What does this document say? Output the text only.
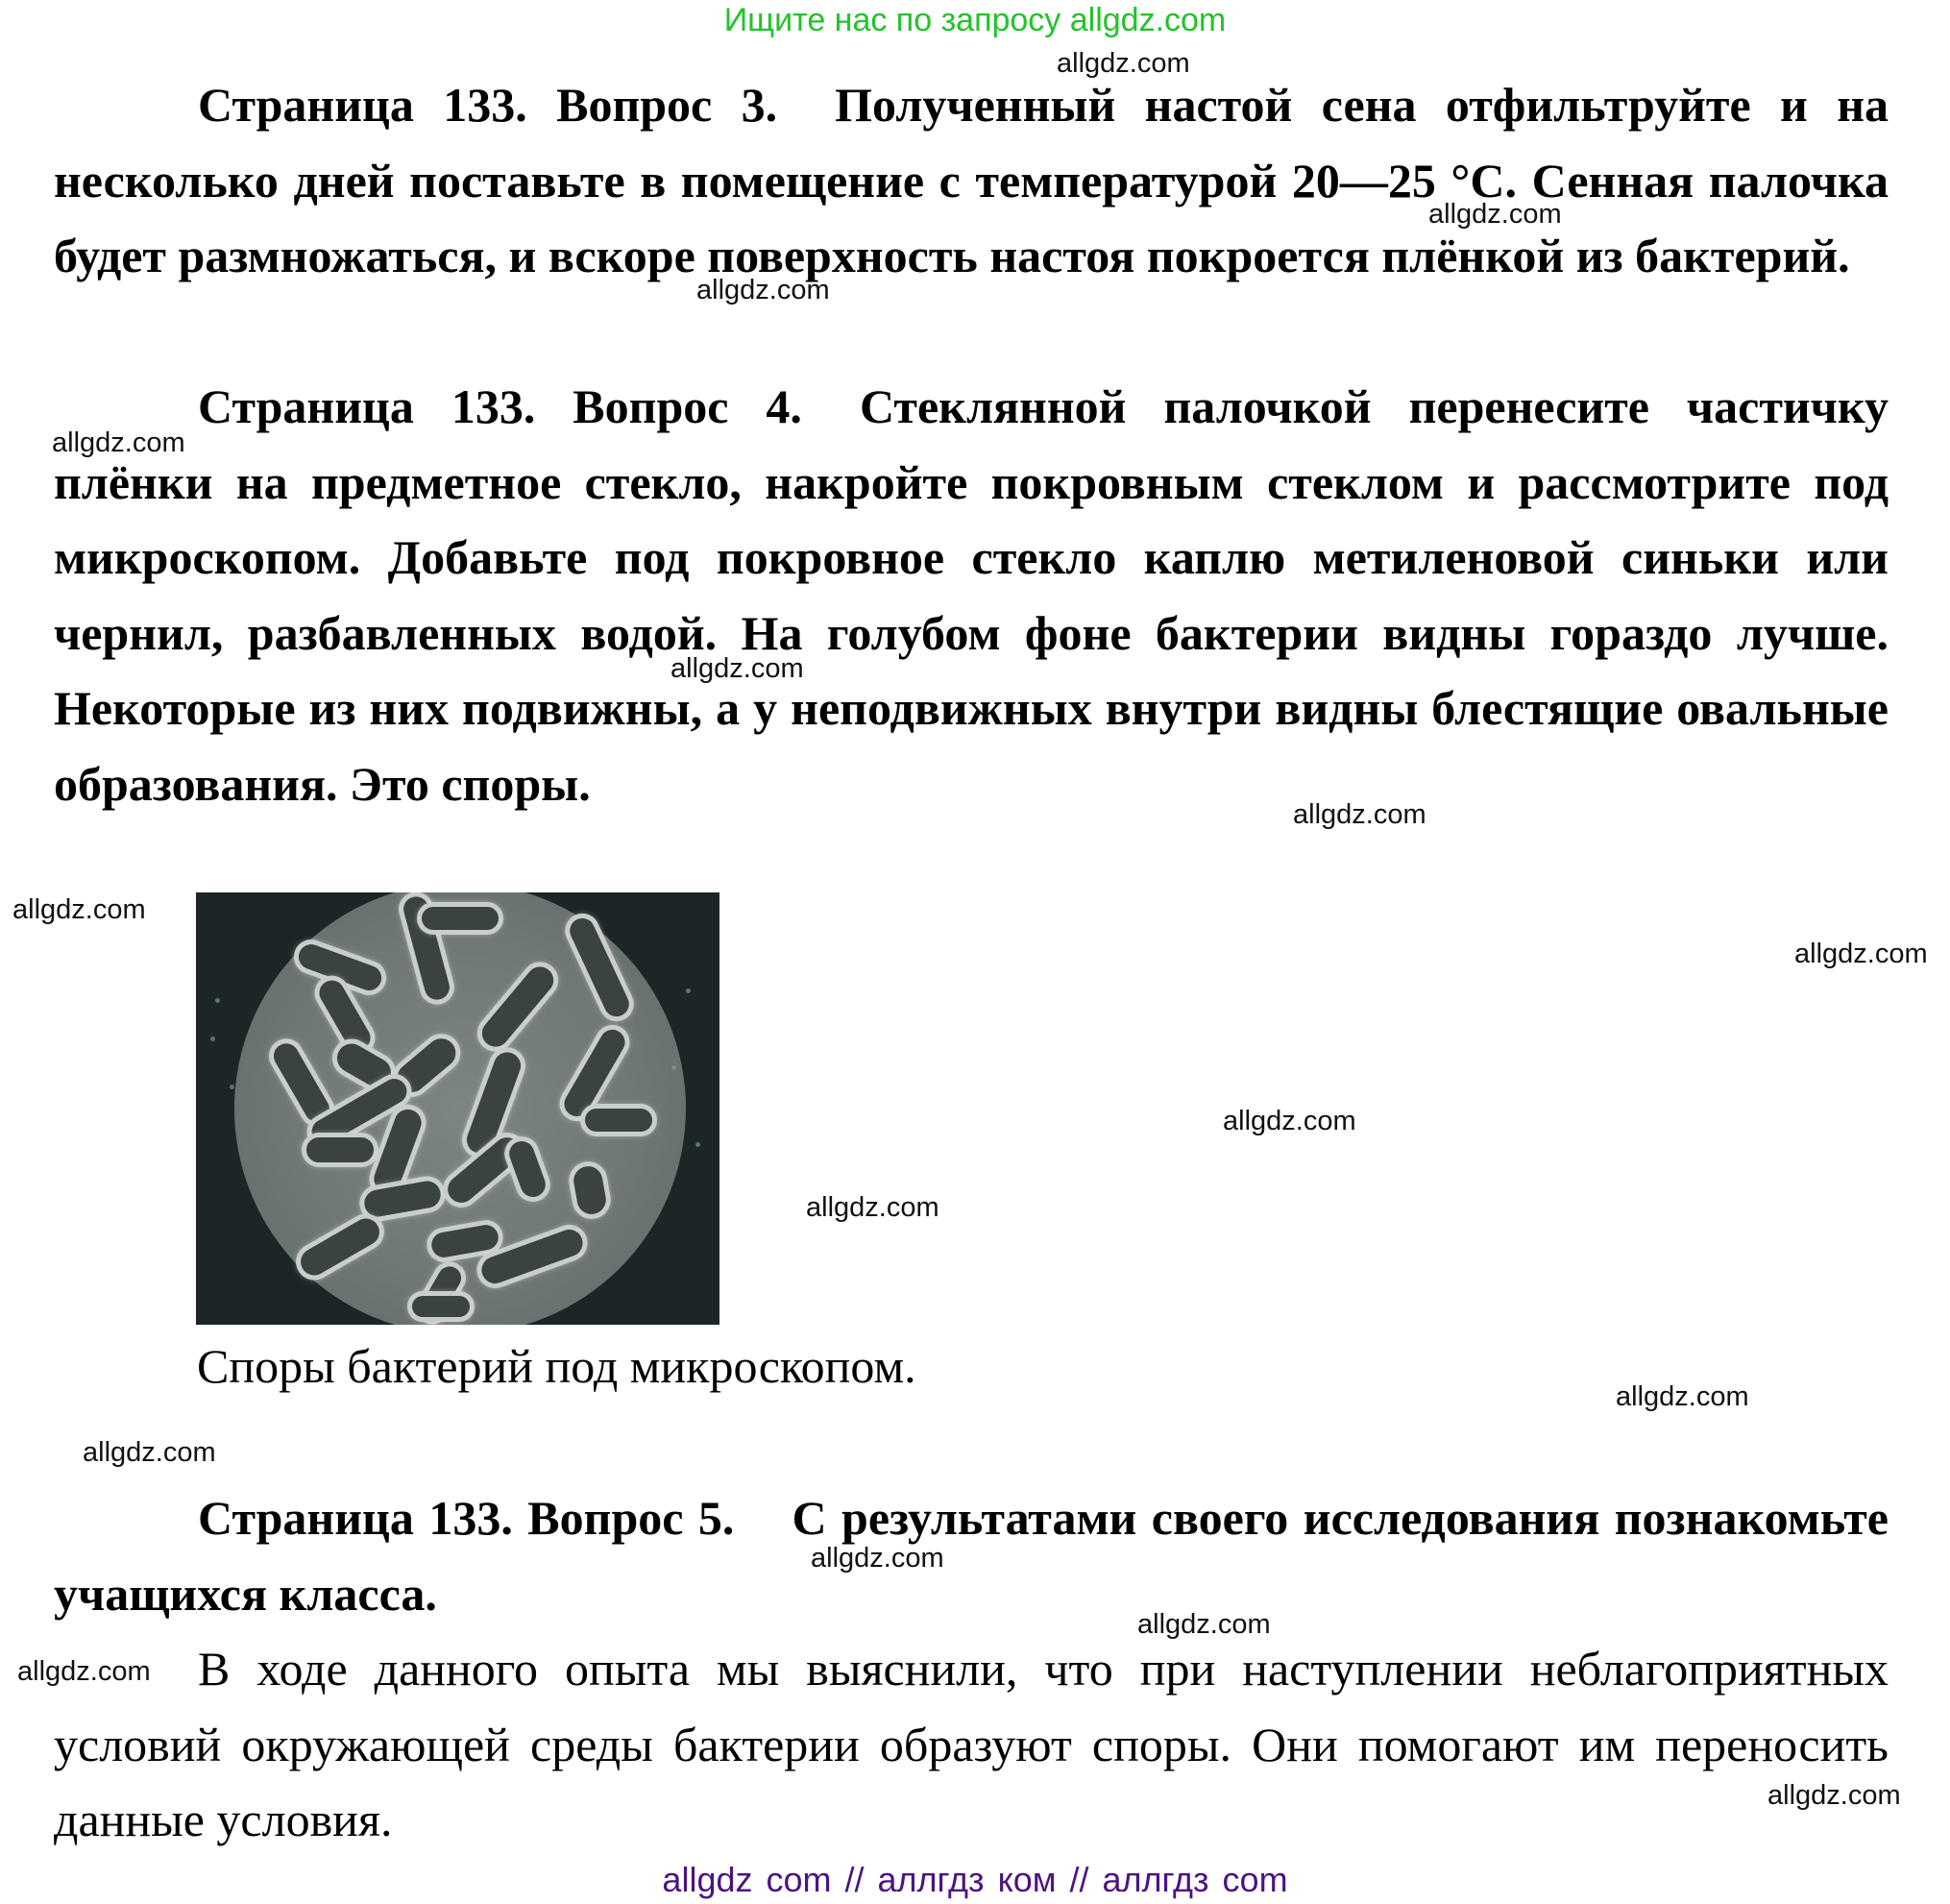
Ищите нас по запросу allgdz.com
Страница 133. Вопрос 3. Полученный настой сена отфильтруйте и на несколько дней поставьте в помещение с температурой 20—25 °С. Сенная палочка будет размножаться, и вскоре поверхность настоя покроется плёнкой из бактерий.
Страница 133. Вопрос 4. Стеклянной палочкой перенесите частичку плёнки на предметное стекло, накройте покровным стеклом и рассмотрите под микроскопом. Добавьте под покровное стекло каплю метиленовой синьки или чернил, разбавленных водой. На голубом фоне бактерии видны гораздо лучше. Некоторые из них подвижны, а у неподвижных внутри видны блестящие овальные образования. Это споры.
Споры бактерий под микроскопом.
Страница 133. Вопрос 5. С результатами своего исследования познакомьте учащихся класса.
В ходе данного опыта мы выяснили, что при наступлении неблагоприятных условий окружающей среды бактерии образуют споры. Они помогают им переносить данные условия.
allgdz.com
allgdz.com
allgdz.com
allgdz.com
allgdz.com
allgdz.com
allgdz.com
allgdz.com
allgdz.com
allgdz.com
allgdz.com
allgdz.com
allgdz.com
allgdz.com
allgdz.com
allgdz.com
allgdz com // аллгдз ком // аллгдз com
